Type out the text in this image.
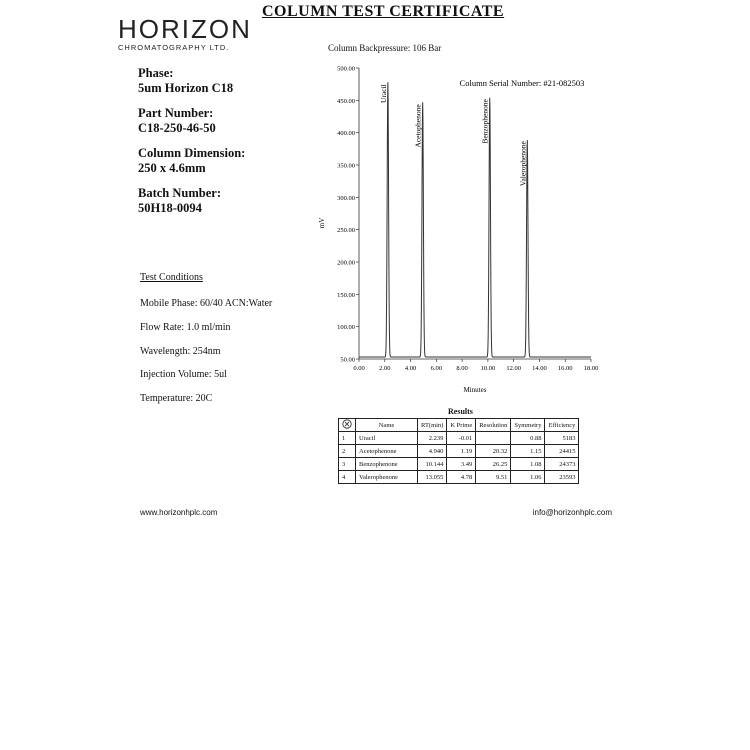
HORIZON
CHROMATOGRAPHY LTD.
COLUMN TEST CERTIFICATE
Column Backpressure: 106 Bar
Phase:
5um Horizon C18
Part Number:
C18-250-46-50
Column Dimension:
250 x 4.6mm
Batch Number:
50H18-0094
Test Conditions
Mobile Phase: 60/40 ACN:Water
Flow Rate: 1.0 ml/min
Wavelength: 254nm
Injection Volume: 5ul
Temperature: 20C
50.00
100.00
150.00
200.00
250.00
300.00
350.00
400.00
450.00
500.00
0.00 2.00 4.00 6.00 8.00 10.00 12.00 14.00 16.00 18.00
Uracil
Acetophenone	Benzophenone
Valerophenone
Column Serial Number: #21-082503
Minutes
mV
Results
	Name	RT(min)	K Prime	Resolution	Symmetry	Efficiency
1	Uracil	2.239	-0.01		0.88	5183
2	Acetophenone	4.940	1.19	20.32	1.15	24415
3	Benzophenone	10.144	3.49	26.25	1.08	24373
4	Valerophenone	13.055	4.78	9.51	1.06	23593
www.horizonhplc.com	info@horizonhplc.com
